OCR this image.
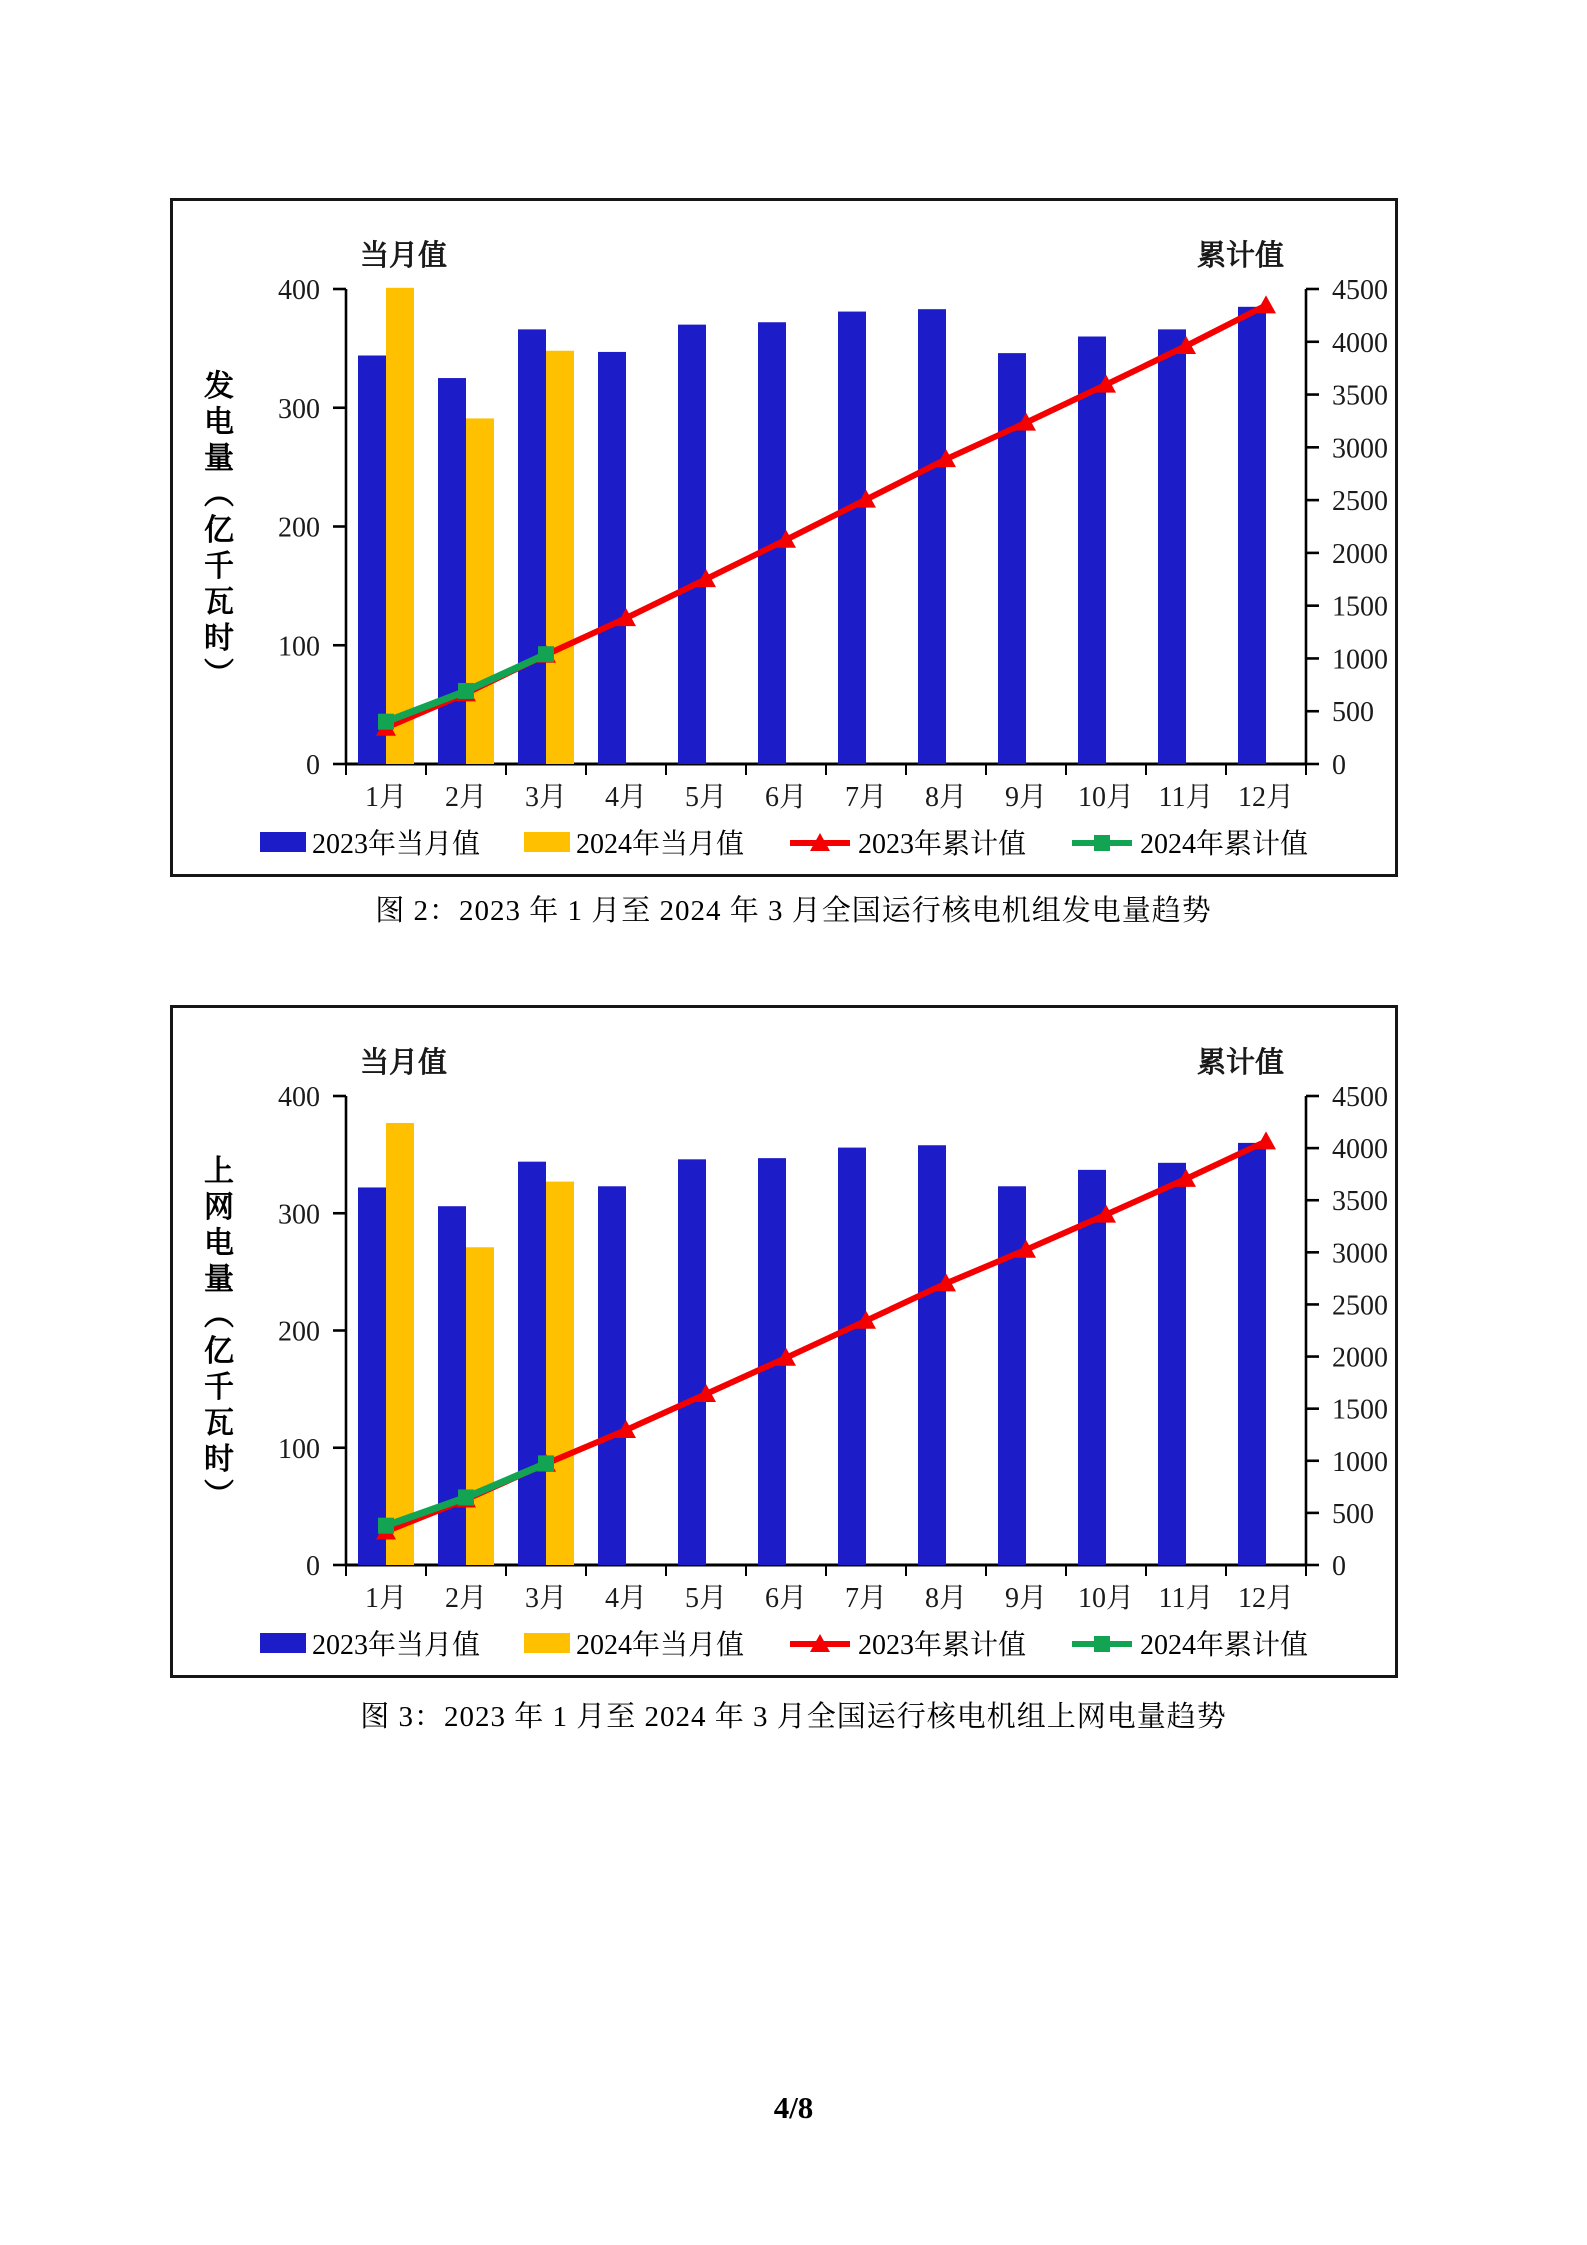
发电量（亿千瓦时）
0
100
200
300
400
0
500
1000
1500
2000
2500
3000
3500
4000
4500
1月 2月 3月 4月 5月 6月 7月 8月 9月 10月 11月 12月
当月值	累计值
2023年当月值	2024年当月值	2023年累计值	2024年累计值
图 2：2023 年 1 月至 2024 年 3 月全国运行核电机组发电量趋势
上网电量（亿千瓦时）
0
100
200
300
400
0
500
1000
1500
2000
2500
3000
3500
4000
4500
1月 2月 3月 4月 5月 6月 7月 8月 9月 10月 11月 12月
当月值	累计值
2023年当月值	2024年当月值	2023年累计值	2024年累计值
图 3：2023 年 1 月至 2024 年 3 月全国运行核电机组上网电量趋势
4/8
